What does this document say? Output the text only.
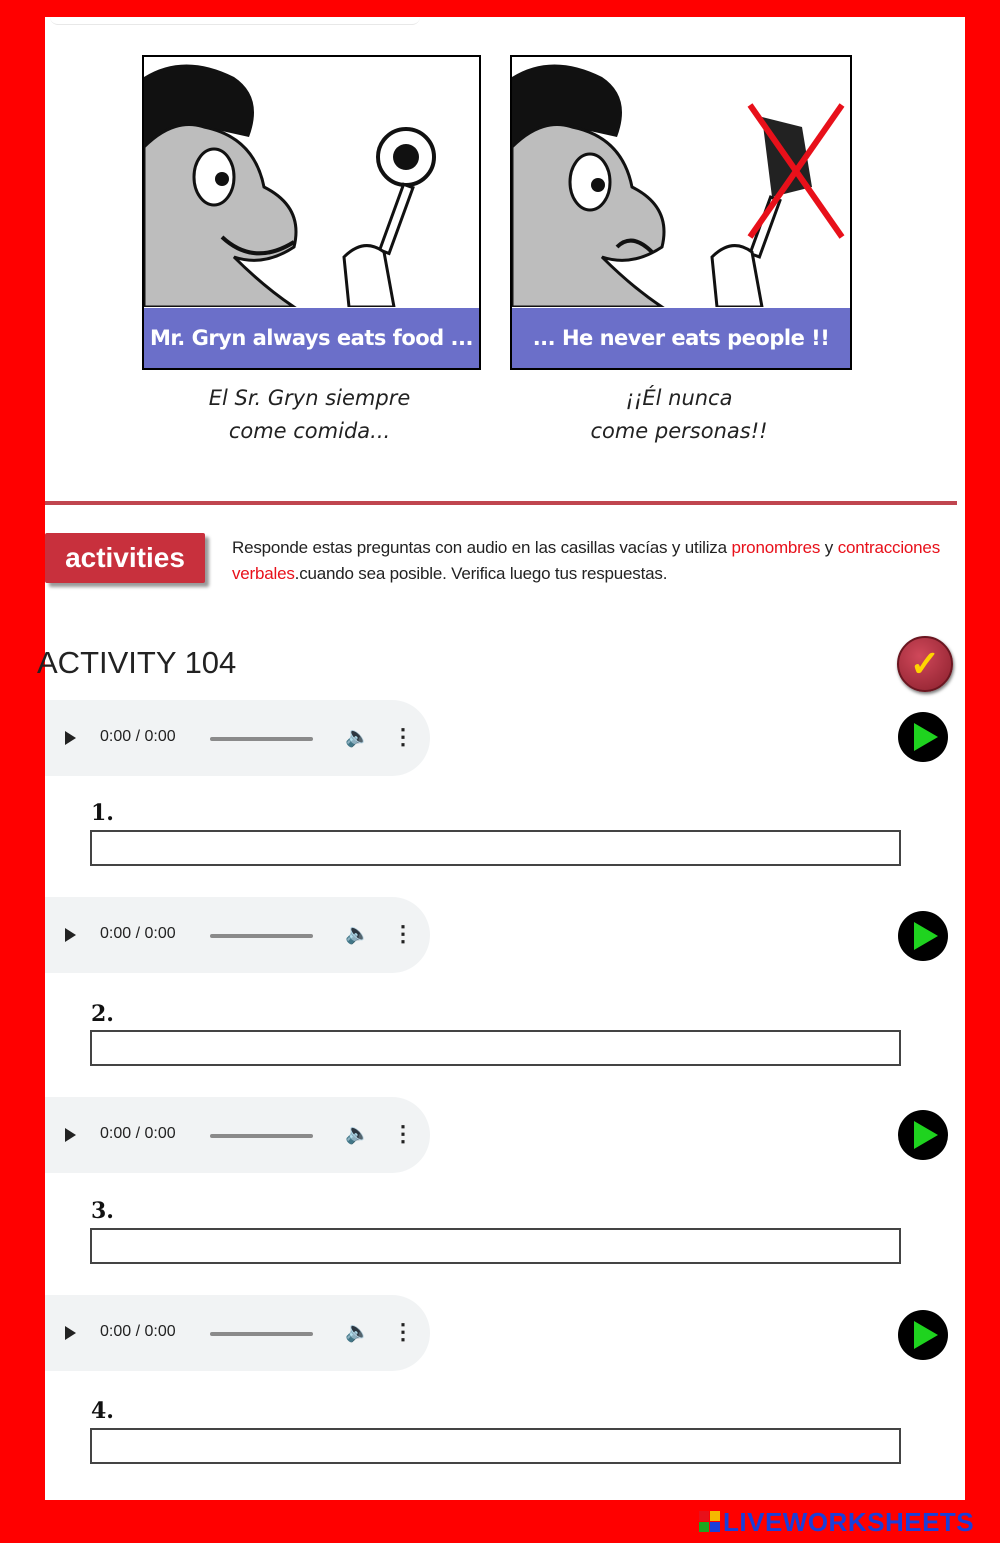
Mr. Gryn always eats food ...
El Sr. Gryn siempre
come comida...
... He never eats people !!
¡¡Él nunca
come personas!!
activities	Responde estas preguntas con audio en las casillas vacías y utiliza pronombres y contracciones verbales.cuando sea posible. Verifica luego tus respuestas.
ACTIVITY 104	✓
0:00 / 0:00	🔈 ⋮
1.
0:00 / 0:00	🔈 ⋮
2.
0:00 / 0:00	🔈 ⋮
3.
0:00 / 0:00	🔈 ⋮
4.
LIVEWORKSHEETS
